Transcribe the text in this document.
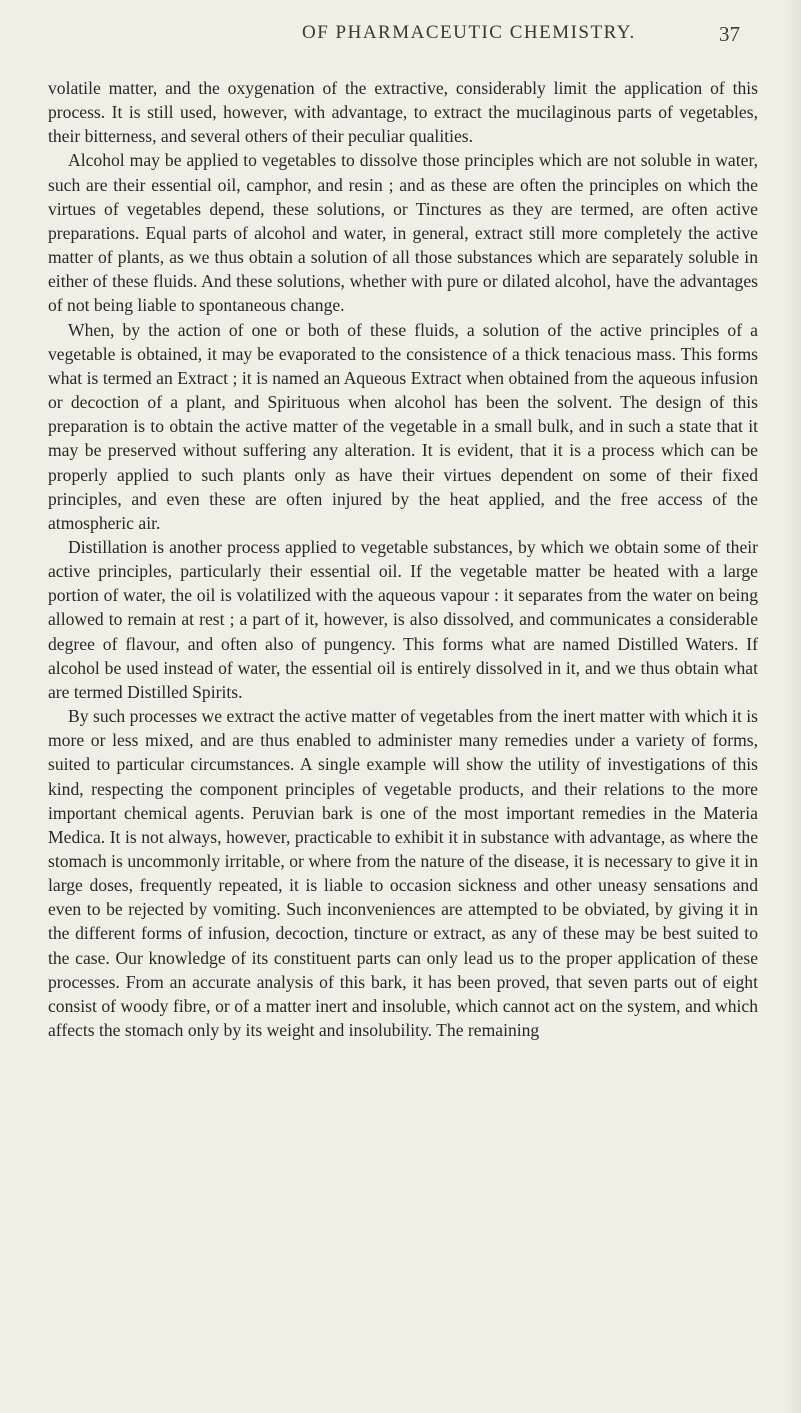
OF PHARMACEUTIC CHEMISTRY.	37

volatile matter, and the oxygenation of the extractive, considerably limit the application of this process. It is still used, however, with advantage, to extract the mucilaginous parts of vegetables, their bitterness, and several others of their peculiar qualities.

Alcohol may be applied to vegetables to dissolve those principles which are not soluble in water, such are their essential oil, camphor, and resin ; and as these are often the principles on which the virtues of vegetables depend, these solutions, or Tinctures as they are termed, are often active preparations. Equal parts of alcohol and water, in general, extract still more completely the active matter of plants, as we thus obtain a solution of all those substances which are separately soluble in either of these fluids. And these solutions, whether with pure or dilated alcohol, have the advantages of not being liable to spontaneous change.

When, by the action of one or both of these fluids, a solution of the active principles of a vegetable is obtained, it may be evaporated to the consistence of a thick tenacious mass. This forms what is termed an Extract ; it is named an Aqueous Extract when obtained from the aqueous infusion or decoction of a plant, and Spirituous when alcohol has been the solvent. The design of this preparation is to obtain the active matter of the vegetable in a small bulk, and in such a state that it may be preserved without suffering any alteration. It is evident, that it is a process which can be properly applied to such plants only as have their virtues dependent on some of their fixed principles, and even these are often injured by the heat applied, and the free access of the atmospheric air.

Distillation is another process applied to vegetable substances, by which we obtain some of their active principles, particularly their essential oil. If the vegetable matter be heated with a large portion of water, the oil is volatilized with the aqueous vapour : it separates from the water on being allowed to remain at rest ; a part of it, however, is also dissolved, and communicates a considerable degree of flavour, and often also of pungency. This forms what are named Distilled Waters. If alcohol be used instead of water, the essential oil is entirely dissolved in it, and we thus obtain what are termed Distilled Spirits.

By such processes we extract the active matter of vegetables from the inert matter with which it is more or less mixed, and are thus enabled to administer many remedies under a variety of forms, suited to particular circumstances. A single example will show the utility of investigations of this kind, respecting the component principles of vegetable products, and their relations to the more important chemical agents. Peruvian bark is one of the most important remedies in the Materia Medica. It is not always, however, practicable to exhibit it in substance with advantage, as where the stomach is uncommonly irritable, or where from the nature of the disease, it is necessary to give it in large doses, frequently repeated, it is liable to occasion sickness and other uneasy sensations and even to be rejected by vomiting. Such inconveniences are attempted to be obviated, by giving it in the different forms of infusion, decoction, tincture or extract, as any of these may be best suited to the case. Our knowledge of its constituent parts can only lead us to the proper application of these processes. From an accurate analysis of this bark, it has been proved, that seven parts out of eight consist of woody fibre, or of a matter inert and insoluble, which cannot act on the system, and which affects the stomach only by its weight and insolubility. The remaining
